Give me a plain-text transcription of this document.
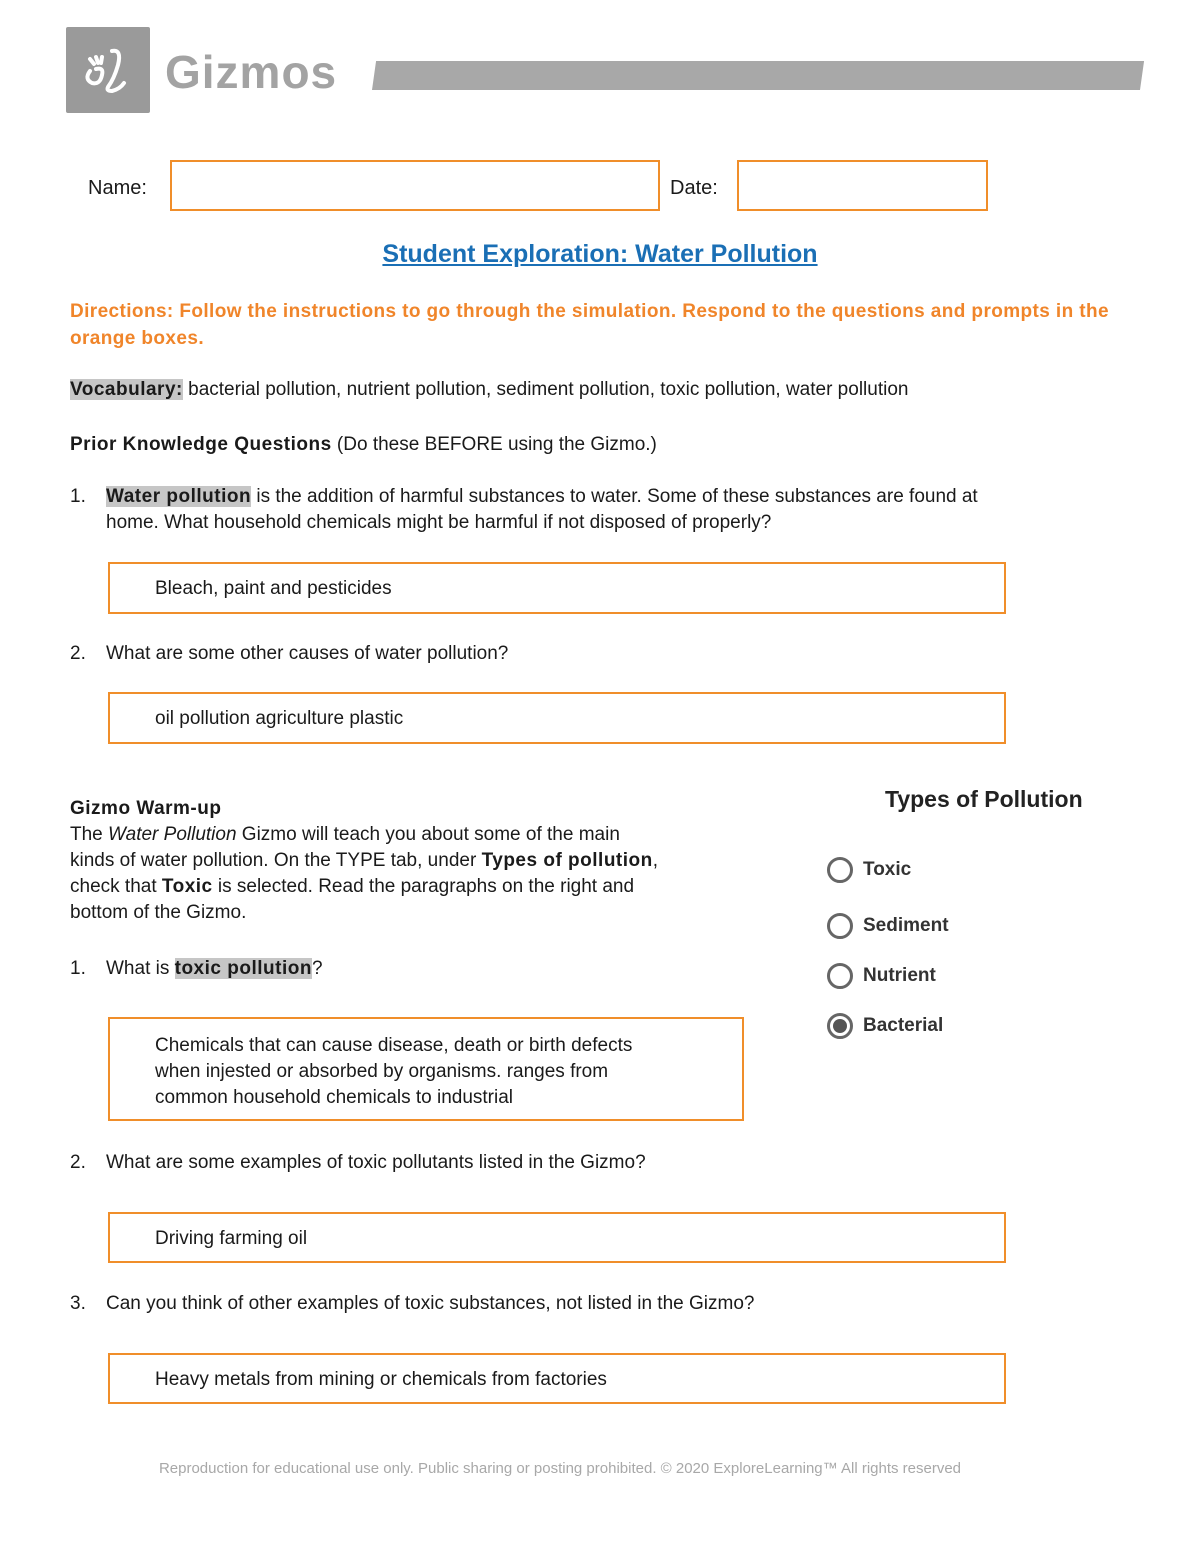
Gizmos
Name:	Date:
Student Exploration: Water Pollution
Directions: Follow the instructions to go through the simulation. Respond to the questions and prompts in the orange boxes.
Vocabulary: bacterial pollution, nutrient pollution, sediment pollution, toxic pollution, water pollution
Prior Knowledge Questions (Do these BEFORE using the Gizmo.)
1. Water pollution is the addition of harmful substances to water. Some of these substances are found at
home. What household chemicals might be harmful if not disposed of properly?
Bleach, paint and pesticides
2. What are some other causes of water pollution?
oil pollution agriculture plastic
Gizmo Warm-up
The Water Pollution Gizmo will teach you about some of the main
kinds of water pollution. On the TYPE tab, under Types of pollution,
check that Toxic is selected. Read the paragraphs on the right and
bottom of the Gizmo.
1. What is toxic pollution?
Chemicals that can cause disease, death or birth defects
when injested or absorbed by organisms. ranges from
common household chemicals to industrial
2. What are some examples of toxic pollutants listed in the Gizmo?
Driving farming oil
3. Can you think of other examples of toxic substances, not listed in the Gizmo?
Heavy metals from mining or chemicals from factories
Types of Pollution
Toxic
Sediment
Nutrient
Bacterial
Reproduction for educational use only. Public sharing or posting prohibited. © 2020 ExploreLearning™ All rights reserved
